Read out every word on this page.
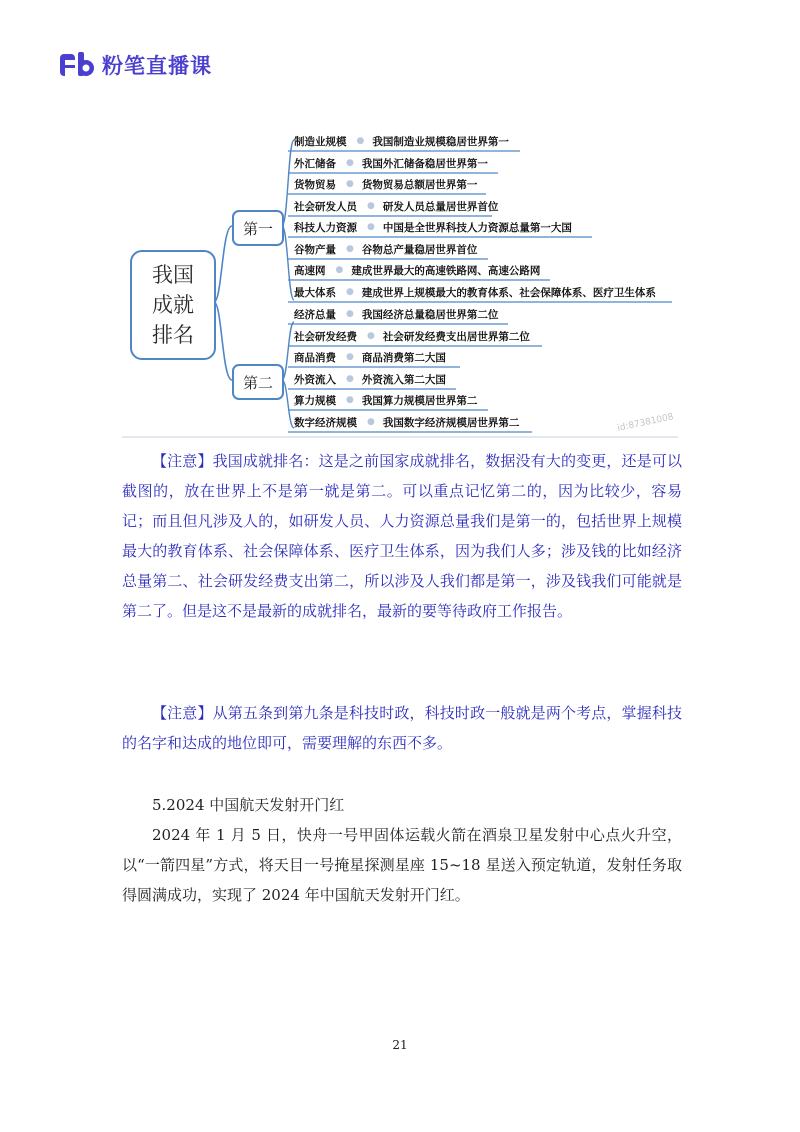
粉笔直播课
我国
成就
排名
第一
第二
制造业规模 ● 我国制造业规模稳居世界第一
外汇储备 ● 我国外汇储备稳居世界第一
货物贸易 ● 货物贸易总额居世界第一
社会研发人员 ● 研发人员总量居世界首位
科技人力资源 ● 中国是全世界科技人力资源总量第一大国
谷物产量 ● 谷物总产量稳居世界首位
高速网 ● 建成世界最大的高速铁路网、高速公路网
最大体系 ● 建成世界上规模最大的教育体系、社会保障体系、医疗卫生体系
经济总量 ● 我国经济总量稳居世界第二位
社会研发经费 ● 社会研发经费支出居世界第二位
商品消费 ● 商品消费第二大国
外资流入 ● 外资流入第二大国
算力规模 ● 我国算力规模居世界第二
数字经济规模 ● 我国数字经济规模居世界第二	id:87381008

【注意】我国成就排名：这是之前国家成就排名，数据没有大的变更，还是可以截图的，放在世界上不是第一就是第二。可以重点记忆第二的，因为比较少，容易记；而且但凡涉及人的，如研发人员、人力资源总量我们是第一的，包括世界上规模最大的教育体系、社会保障体系、医疗卫生体系，因为我们人多；涉及钱的比如经济总量第二、社会研发经费支出第二，所以涉及人我们都是第一，涉及钱我们可能就是第二了。但是这不是最新的成就排名，最新的要等待政府工作报告。

【注意】从第五条到第九条是科技时政，科技时政一般就是两个考点，掌握科技的名字和达成的地位即可，需要理解的东西不多。

5.2024 中国航天发射开门红

2024 年 1 月 5 日，快舟一号甲固体运载火箭在酒泉卫星发射中心点火升空，以“一箭四星”方式，将天目一号掩星探测星座 15~18 星送入预定轨道，发射任务取得圆满成功，实现了 2024 年中国航天发射开门红。

21
